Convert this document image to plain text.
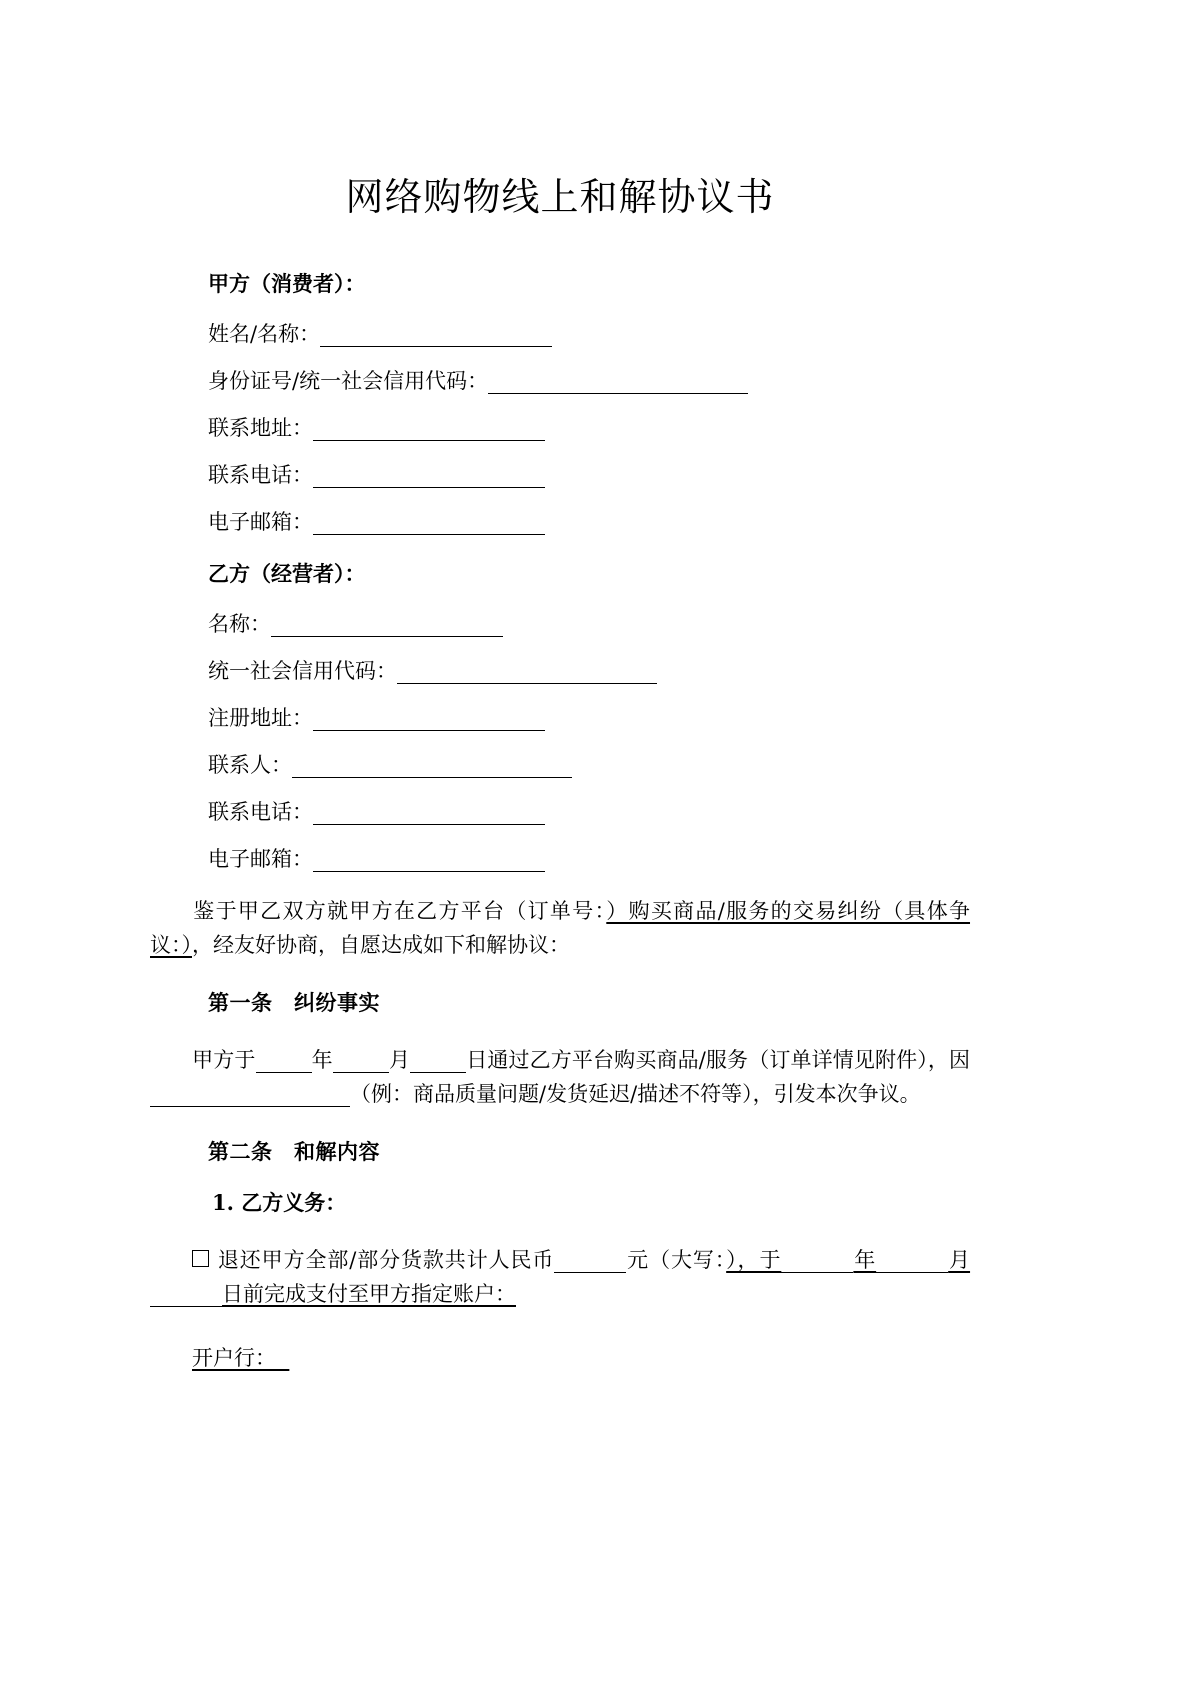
网络购物线上和解协议书

甲方（消费者）：

姓名/名称：

身份证号/统一社会信用代码：

联系地址：

联系电话：

电子邮箱：

乙方（经营者）：

名称：

统一社会信用代码：

注册地址：

联系人：

联系电话：

电子邮箱：

鉴于甲乙双方就甲方在乙方平台（订单号：）购买商品/服务的交易纠纷（具体争议：），经友好协商，自愿达成如下和解协议：

第一条　纠纷事实

甲方于	年	月	日通过乙方平台购买商品/服务（订单详情见附件），因（例：商品质量问题/发货延迟/描述不符等），引发本次争议。

第二条　和解内容

1. 乙方义务：

退还甲方全部/部分货款共计人民币	元（大写：），于	年	月日前完成支付至甲方指定账户：

开户行：
